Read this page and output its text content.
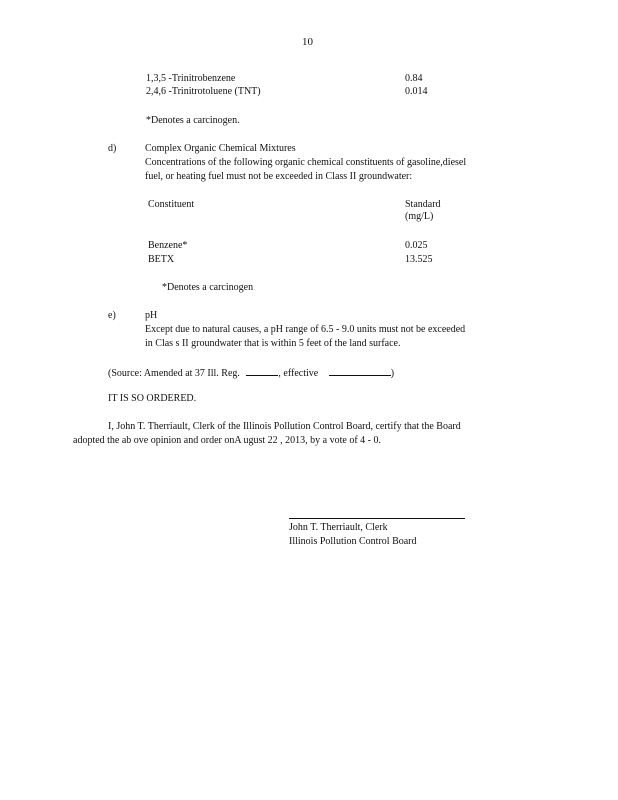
10
1,3,5 -Trinitrobenzene	0.84
2,4,6 -Trinitrotoluene (TNT)	0.014
*Denotes a carcinogen.
d)	Complex Organic Chemical Mixtures
Concentrations of the following organic chemical constituents of gasoline,diesel
fuel, or heating fuel must not be exceeded in Class II groundwater:
Constituent	Standard
(mg/L)
Benzene*	0.025
BETX	13.525
*Denotes a carcinogen
e)	pH
Except due to natural causes, a pH range of 6.5 - 9.0 units must not be exceeded
in Clas s II groundwater that is within 5 feet of the land surface.
(Source: Amended at 37 Ill. Reg.	, effective	)
IT IS SO ORDERED.
I, John T. Therriault, Clerk of the Illinois Pollution Control Board, certify that the Board
adopted the ab ove opinion and order onA ugust 22 , 2013, by a vote of 4 - 0.
John T. Therriault, Clerk
Illinois Pollution Control Board
